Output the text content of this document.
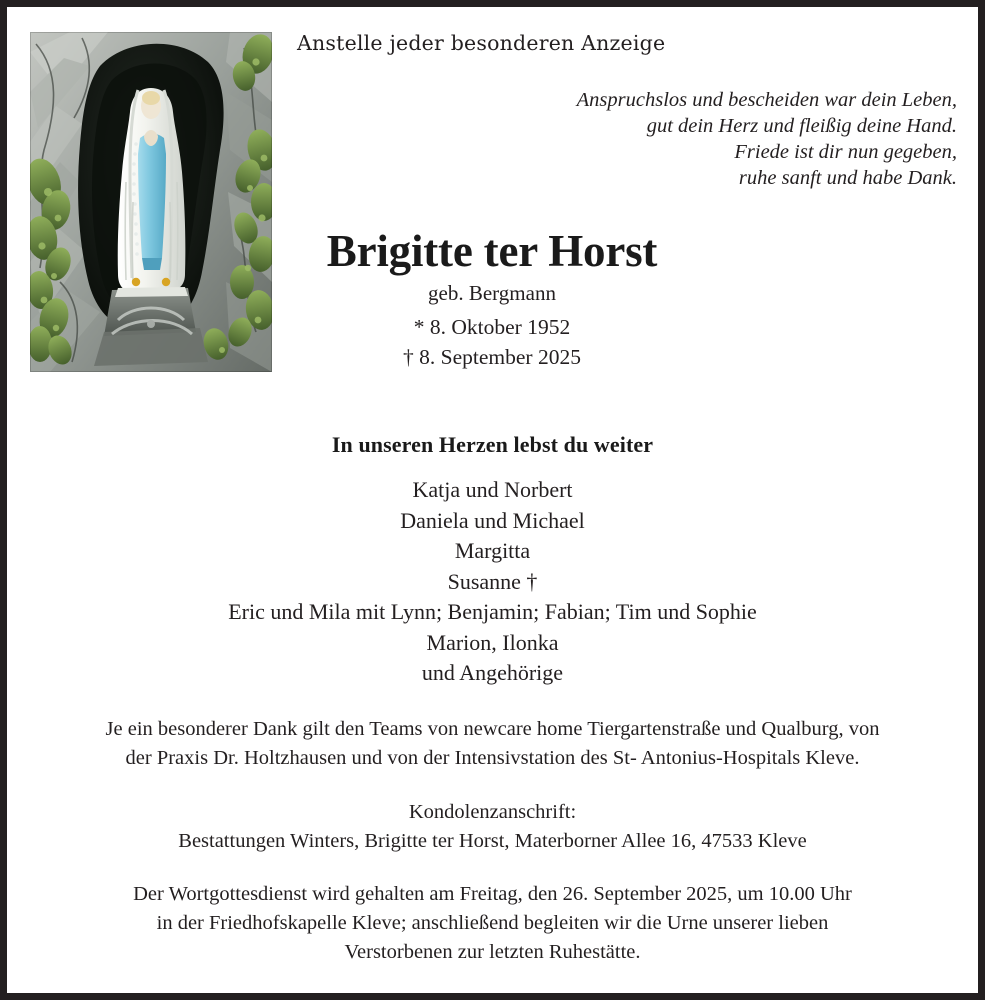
Anstelle jeder besonderen Anzeige
Anspruchslos und bescheiden war dein Leben,
gut dein Herz und fleißig deine Hand.
Friede ist dir nun gegeben,
ruhe sanft und habe Dank.
Brigitte ter Horst
geb. Bergmann
* 8. Oktober 1952
† 8. September 2025
In unseren Herzen lebst du weiter
Katja und Norbert
Daniela und Michael
Margitta
Susanne †
Eric und Mila mit Lynn; Benjamin; Fabian; Tim und Sophie
Marion, Ilonka
und Angehörige
Je ein besonderer Dank gilt den Teams von newcare home Tiergartenstraße und Qualburg, von
der Praxis Dr. Holtzhausen und von der Intensivstation des St- Antonius-Hospitals Kleve.
Kondolenzanschrift:
Bestattungen Winters, Brigitte ter Horst, Materborner Allee 16, 47533 Kleve
Der Wortgottesdienst wird gehalten am Freitag, den 26. September 2025, um 10.00 Uhr
in der Friedhofskapelle Kleve; anschließend begleiten wir die Urne unserer lieben
Verstorbenen zur letzten Ruhestätte.
